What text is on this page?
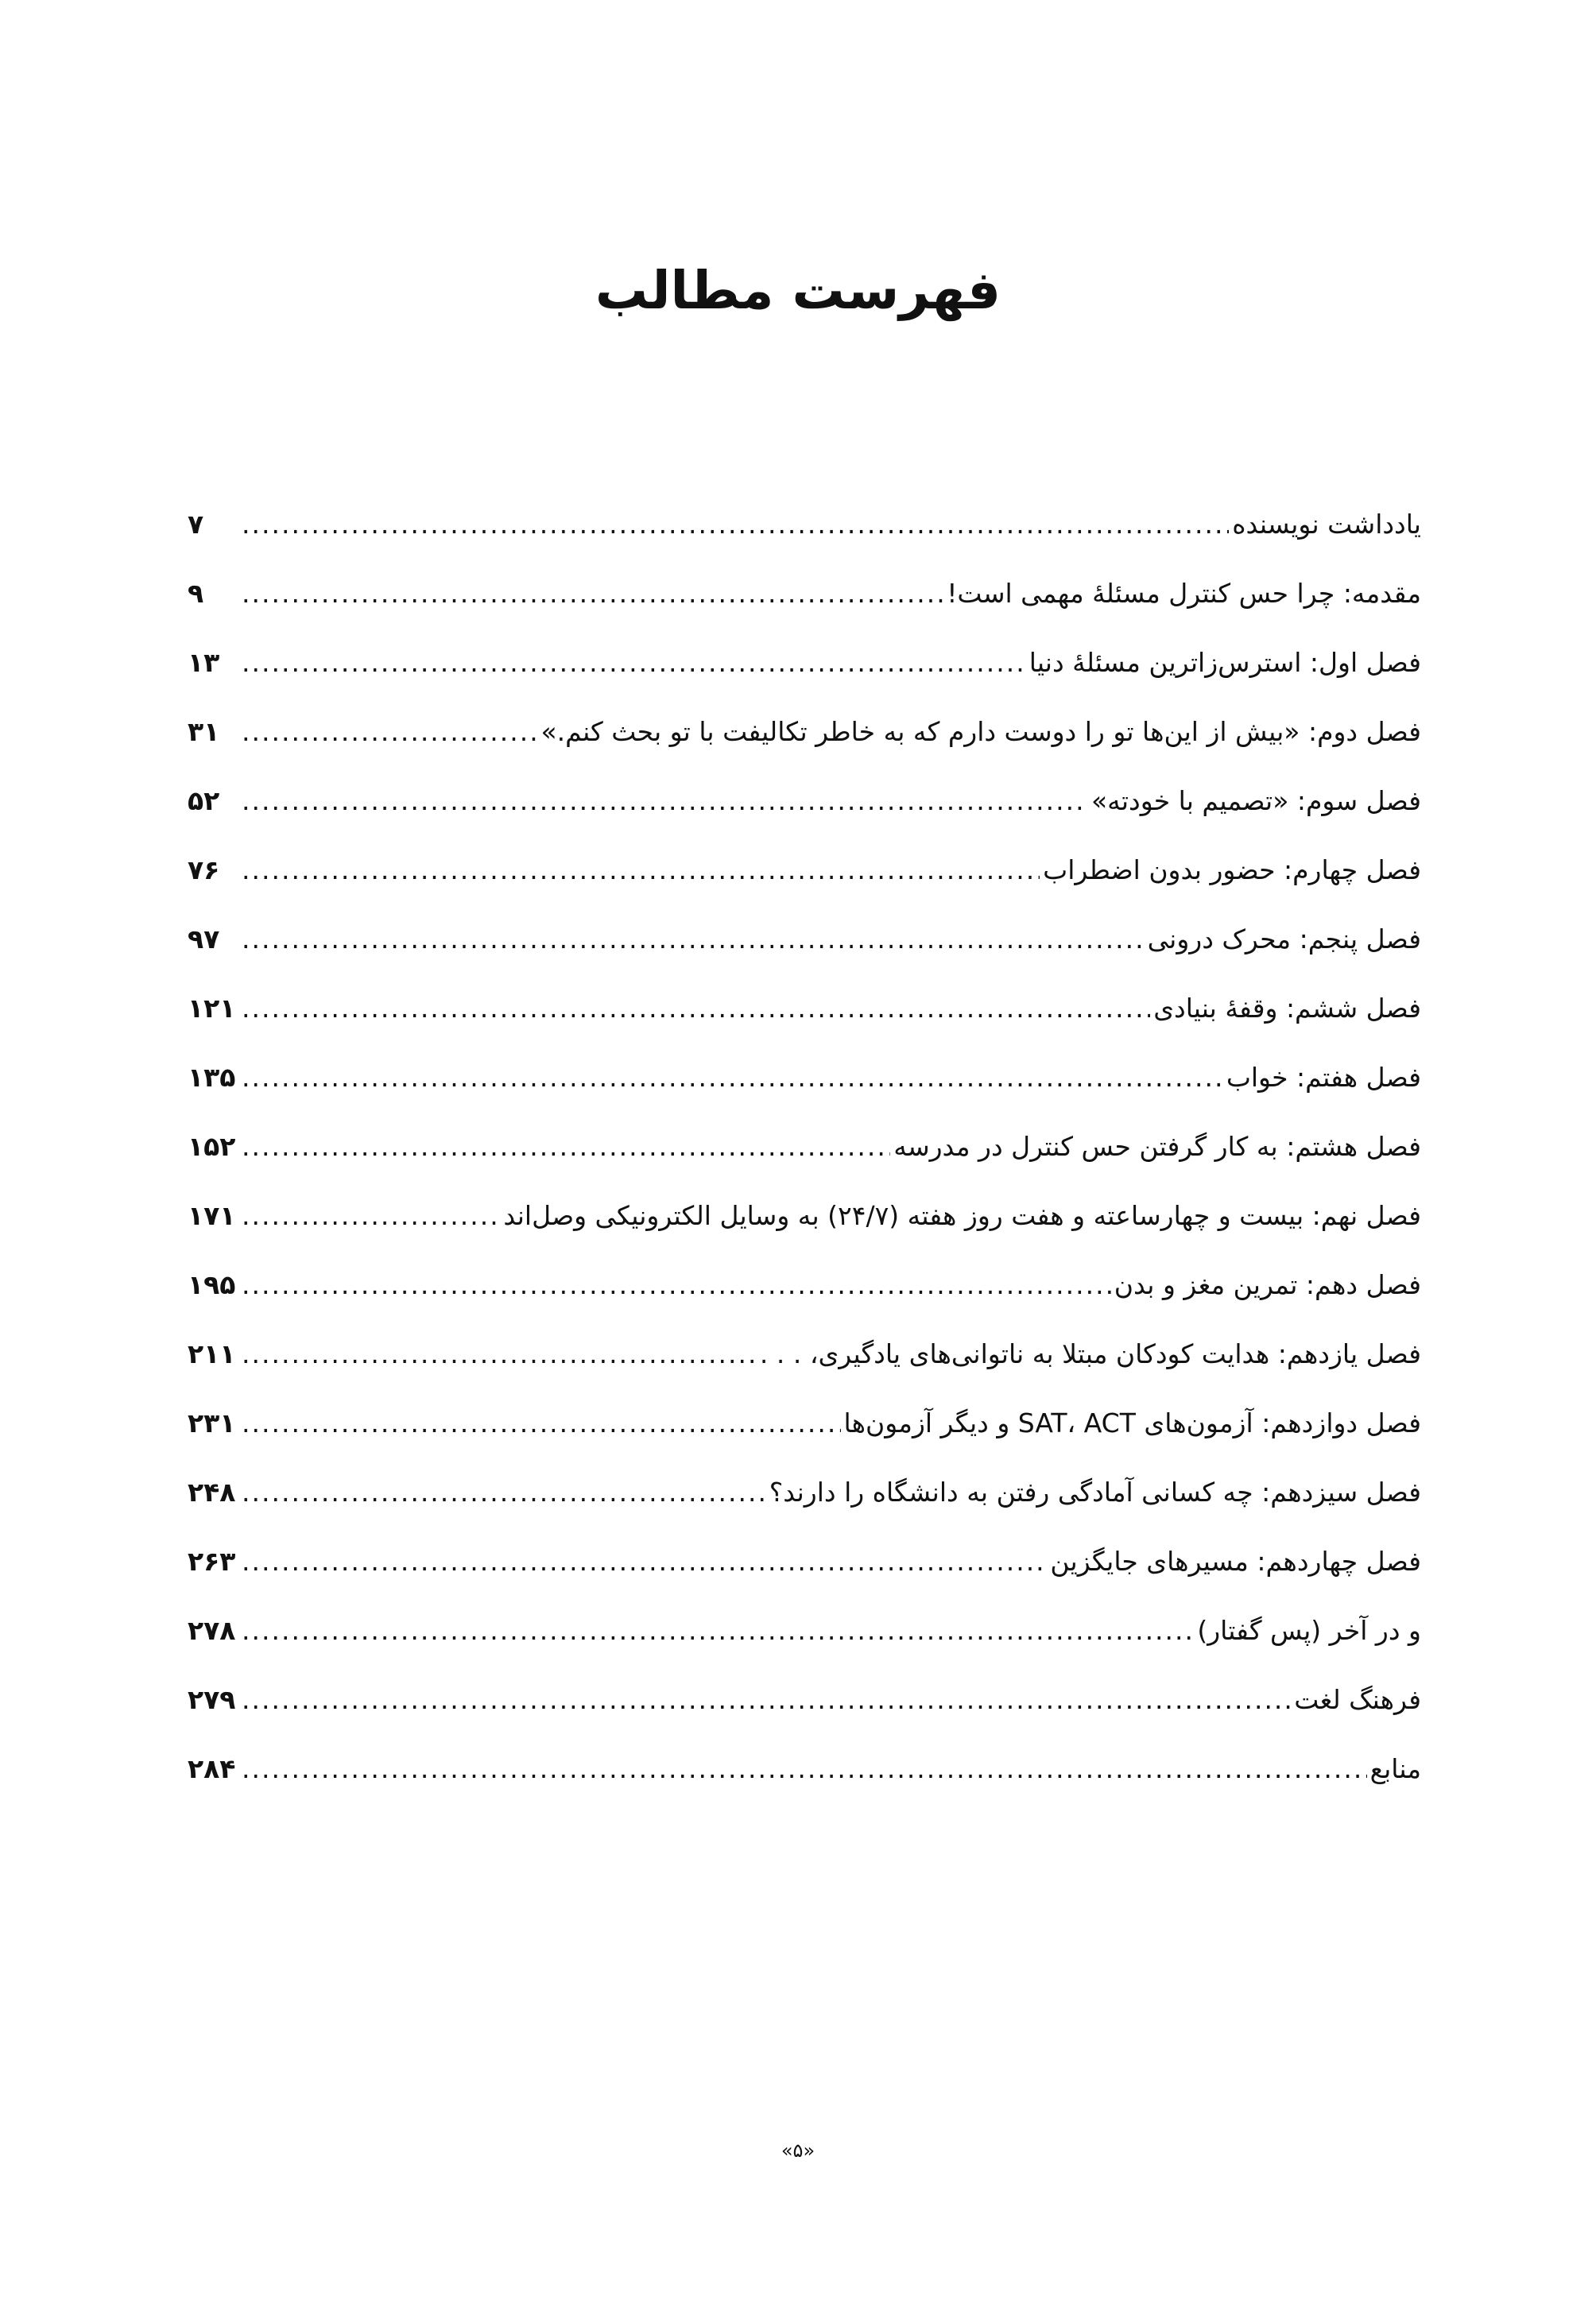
فهرست مطالب
یادداشت نویسنده
.....
۷
مقدمه: چرا حس کنترل مسئلهٔ مهمی است!
.....
۹
فصل اول: استرس‌زاترین مسئلهٔ دنیا
.....
۱۳
فصل دوم: «بیش از این‌ها تو را دوست دارم که به خاطر تکالیفت با تو بحث کنم.»
.....
۳۱
فصل سوم: «تصمیم با خودته»
.....
۵۲
فصل چهارم: حضور بدون اضطراب
.....
۷۶
فصل پنجم: محرک درونی
.....
۹۷
فصل ششم: وقفهٔ بنیادی
.....
۱۲۱
فصل هفتم: خواب
.....
۱۳۵
فصل هشتم: به کار گرفتن حس کنترل در مدرسه
.....
۱۵۲
فصل نهم: بیست و چهارساعته و هفت روز هفته (۲۴/۷) به وسایل الکترونیکی وصل‌اند
.....
۱۷۱
فصل دهم: تمرین مغز و بدن
.....
۱۹۵
فصل یازدهم: هدایت کودکان مبتلا به ناتوانی‌های یادگیری، . . .
.....
۲۱۱
فصل دوازدهم: آزمون‌های SAT، ACT و دیگر آزمون‌ها
.....
۲۳۱
فصل سیزدهم: چه کسانی آمادگی رفتن به دانشگاه را دارند؟
.....
۲۴۸
فصل چهاردهم: مسیرهای جایگزین
.....
۲۶۳
و در آخر (پس گفتار)
.....
۲۷۸
فرهنگ لغت
.....
۲۷۹
منابع
.....
۲۸۴
«۵»
